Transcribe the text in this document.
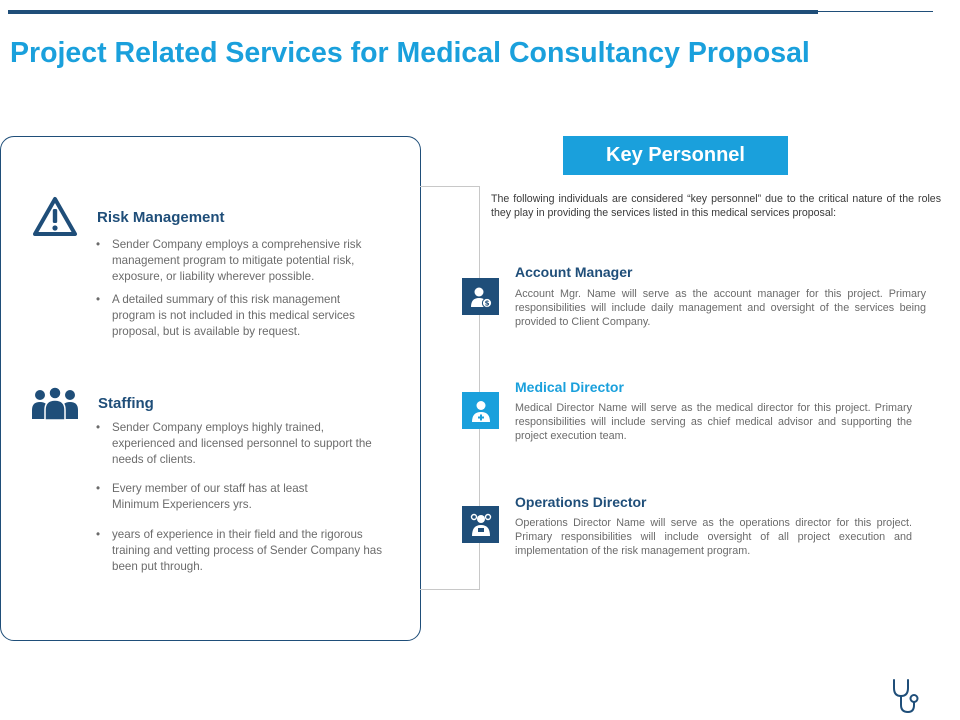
Project Related Services for Medical Consultancy Proposal
Risk Management
• Sender Company employs a comprehensive risk management program to mitigate potential risk, exposure, or liability wherever possible.
• A detailed summary of this risk management program is not included in this medical services proposal, but is available by request.
Staffing
• Sender Company employs highly trained, experienced and licensed personnel to support the needs of clients.
• Every member of our staff has at least Minimum Experiencers yrs.
• years of experience in their field and the rigorous training and vetting process of Sender Company has been put through.
Key Personnel
The following individuals are considered “key personnel” due to the critical nature of the roles they play in providing the services listed in this medical services proposal:
$
Account Manager
Account Mgr. Name will serve as the account manager for this project. Primary responsibilities will include daily management and oversight of the services being provided to Client Company.
Medical Director
Medical Director Name will serve as the medical director for this project. Primary responsibilities will include serving as chief medical advisor and supporting the project execution team.
Operations Director
Operations Director Name will serve as the operations director for this project. Primary responsibilities will include oversight of all project execution and implementation of the risk management program.
